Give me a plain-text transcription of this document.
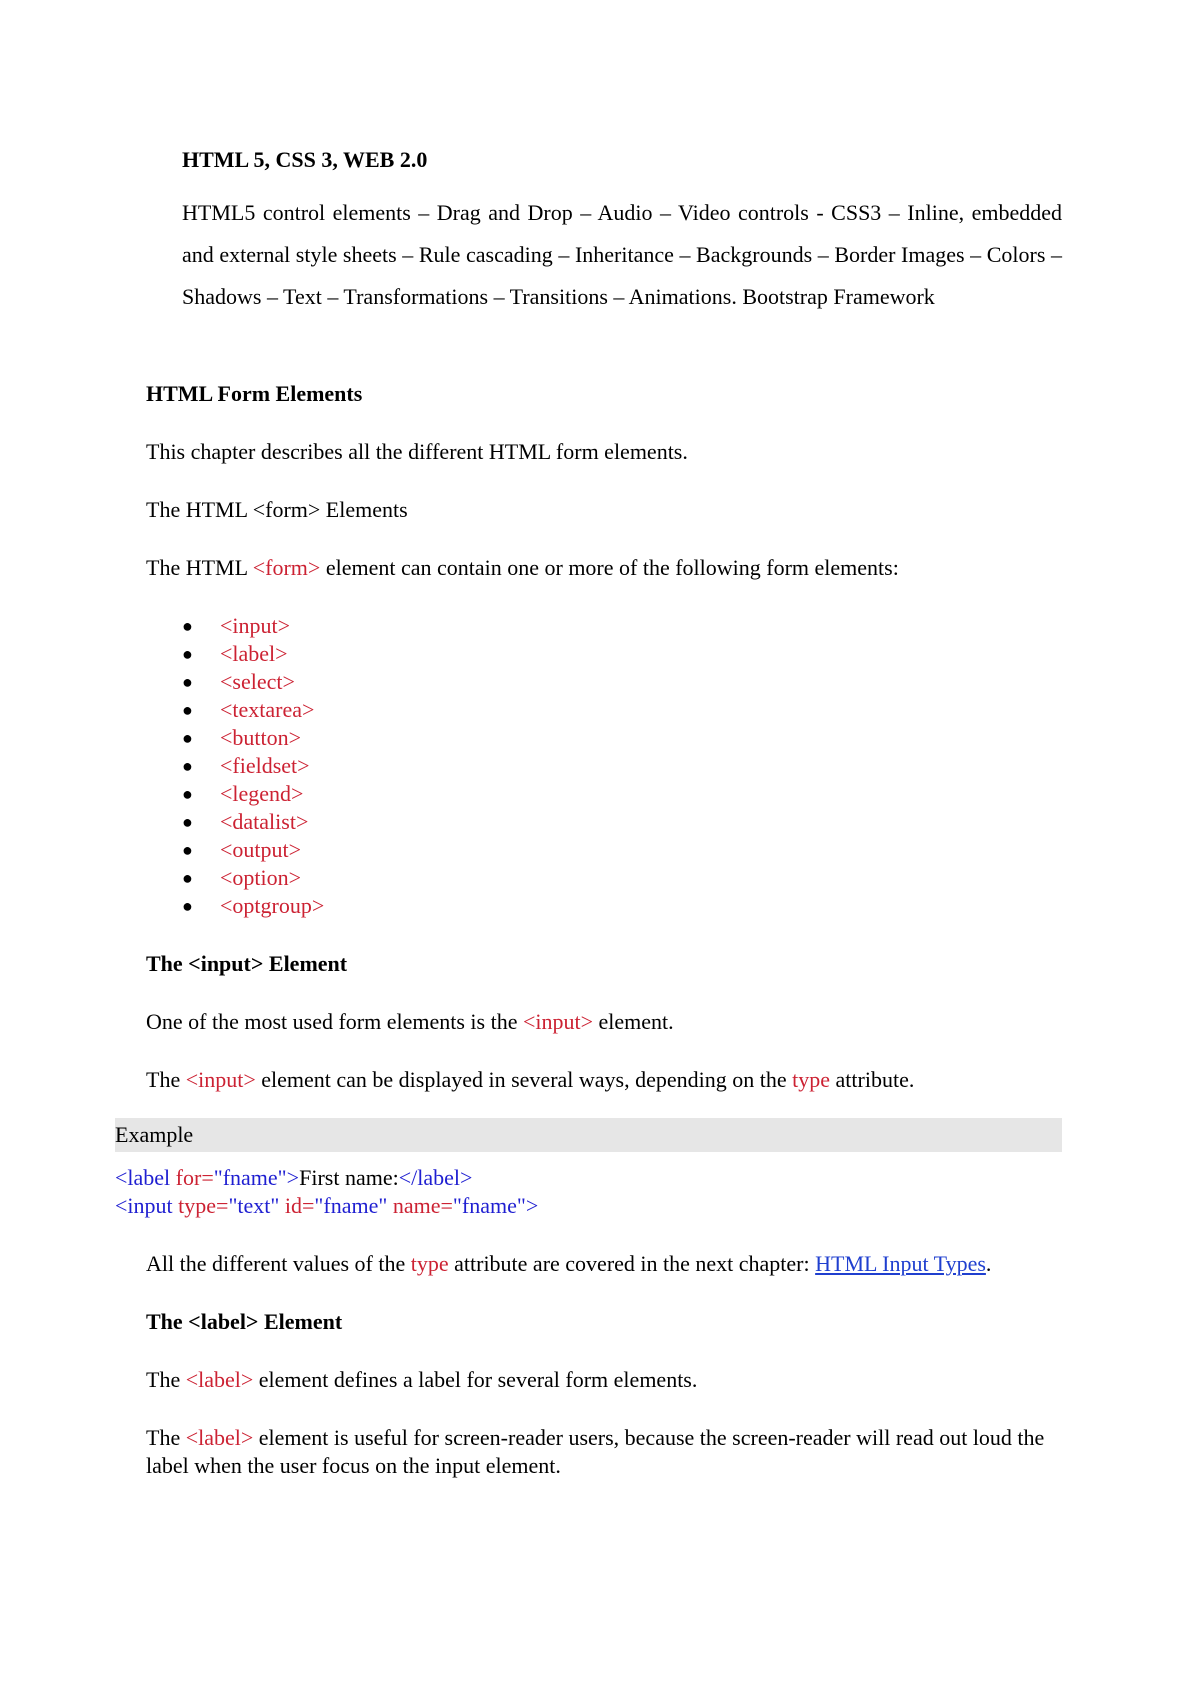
HTML 5, CSS 3, WEB 2.0

HTML5 control elements – Drag and Drop – Audio – Video controls - CSS3 – Inline, embedded and external style sheets – Rule cascading – Inheritance – Backgrounds – Border Images – Colors – Shadows – Text – Transformations – Transitions – Animations. Bootstrap Framework

HTML Form Elements
This chapter describes all the different HTML form elements.
The HTML <form> Elements
The HTML <form> element can contain one or more of the following form elements:
● <input>
● <label>
● <select>
● <textarea>
● <button>
● <fieldset>
● <legend>
● <datalist>
● <output>
● <option>
● <optgroup>
The <input> Element
One of the most used form elements is the <input> element.
The <input> element can be displayed in several ways, depending on the type attribute.
Example
<label for="fname">First name:</label>
<input type="text" id="fname" name="fname">
All the different values of the type attribute are covered in the next chapter: HTML Input Types.
The <label> Element
The <label> element defines a label for several form elements.
The <label> element is useful for screen-reader users, because the screen-reader will read out loud the label when the user focus on the input element.
